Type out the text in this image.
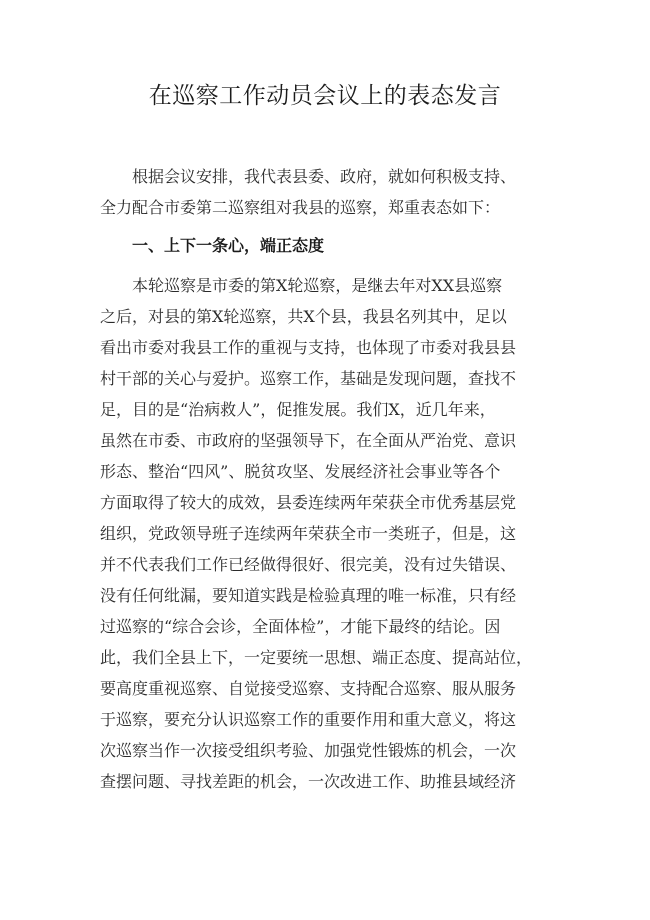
在巡察工作动员会议上的表态发言
　　根据会议安排，我代表县委、政府，就如何积极支持、
全力配合市委第二巡察组对我县的巡察，郑重表态如下：
一、上下一条心，端正态度
　　本轮巡察是市委的第X轮巡察，是继去年对XX县巡察
之后，对县的第X轮巡察，共X个县，我县名列其中，足以
看出市委对我县工作的重视与支持，也体现了市委对我县县
村干部的关心与爱护。巡察工作，基础是发现问题，查找不
足，目的是“治病救人”，促推发展。我们X，近几年来，
虽然在市委、市政府的坚强领导下，在全面从严治党、意识
形态、整治“四风”、脱贫攻坚、发展经济社会事业等各个
方面取得了较大的成效，县委连续两年荣获全市优秀基层党
组织，党政领导班子连续两年荣获全市一类班子，但是，这
并不代表我们工作已经做得很好、很完美，没有过失错误、
没有任何纰漏，要知道实践是检验真理的唯一标准，只有经
过巡察的“综合会诊，全面体检”，才能下最终的结论。因
此，我们全县上下，一定要统一思想、端正态度、提高站位，
要高度重视巡察、自觉接受巡察、支持配合巡察、服从服务
于巡察，要充分认识巡察工作的重要作用和重大意义，将这
次巡察当作一次接受组织考验、加强党性锻炼的机会，一次
查摆问题、寻找差距的机会，一次改进工作、助推县域经济
